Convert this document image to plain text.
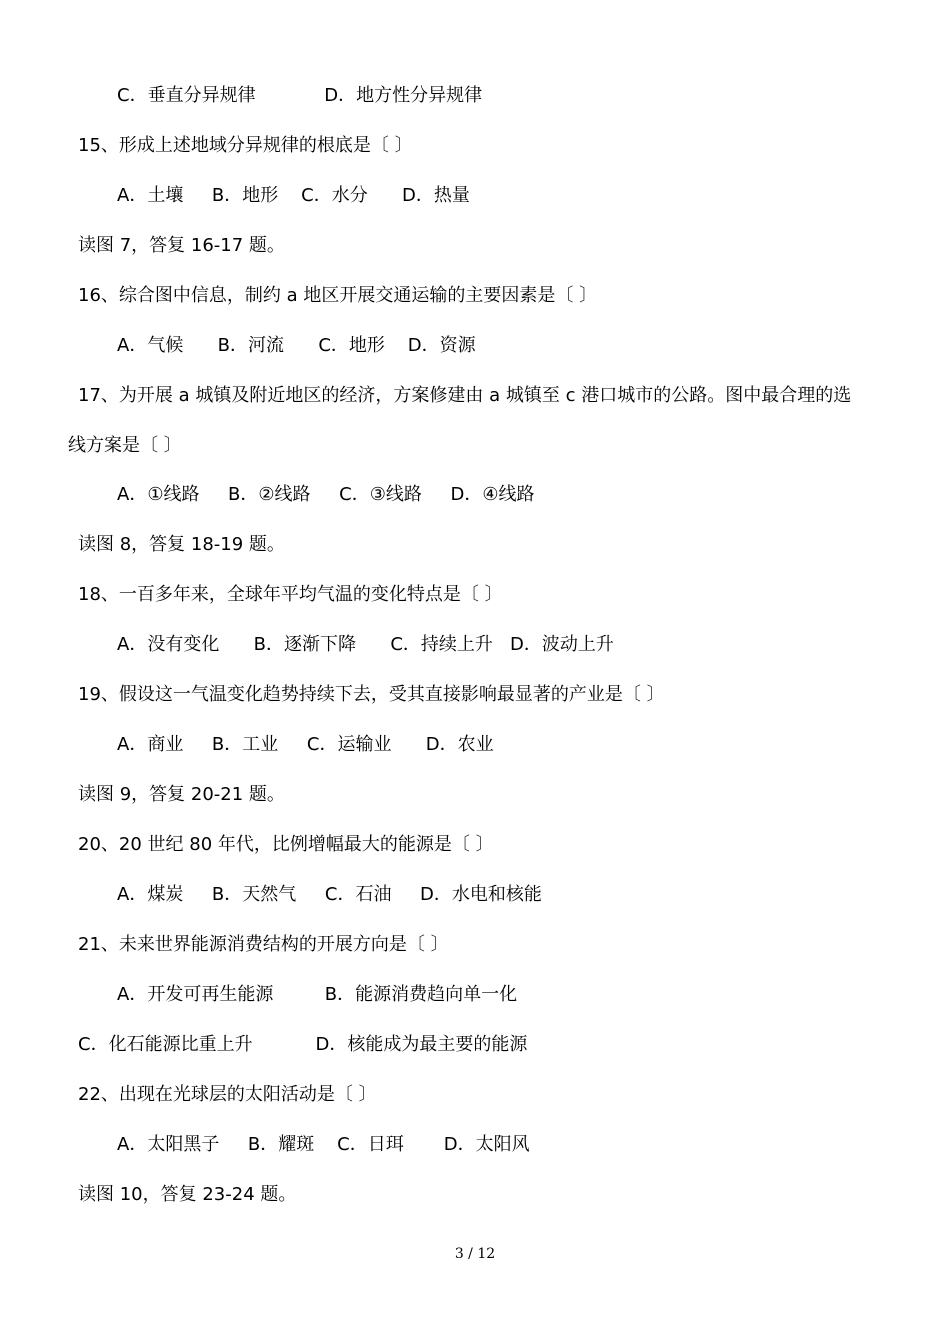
C．垂直分异规律            D．地方性分异规律
15、形成上述地域分异规律的根底是〔 〕
A．土壤     B．地形    C．水分      D．热量
读图 7，答复 16-17 题。
16、综合图中信息，制约 a 地区开展交通运输的主要因素是〔 〕
A．气候      B．河流      C．地形    D．资源
17、为开展 a 城镇及附近地区的经济，方案修建由 a 城镇至 c 港口城市的公路。图中最合理的选
线方案是〔 〕
A．①线路     B．②线路     C．③线路     D．④线路
读图 8，答复 18-19 题。
18、一百多年来，全球年平均气温的变化特点是〔 〕
A．没有变化      B．逐渐下降      C．持续上升   D．波动上升
19、假设这一气温变化趋势持续下去，受其直接影响最显著的产业是〔 〕
A．商业     B．工业     C．运输业      D．农业
读图 9，答复 20-21 题。
20、20 世纪 80 年代，比例增幅最大的能源是〔 〕
A．煤炭     B．天然气     C．石油     D．水电和核能
21、未来世界能源消费结构的开展方向是〔 〕
A．开发可再生能源         B．能源消费趋向单一化
C．化石能源比重上升           D．核能成为最主要的能源
22、出现在光球层的太阳活动是〔 〕
A．太阳黑子     B．耀斑    C．日珥       D．太阳风
读图 10，答复 23-24 题。
3 / 12
